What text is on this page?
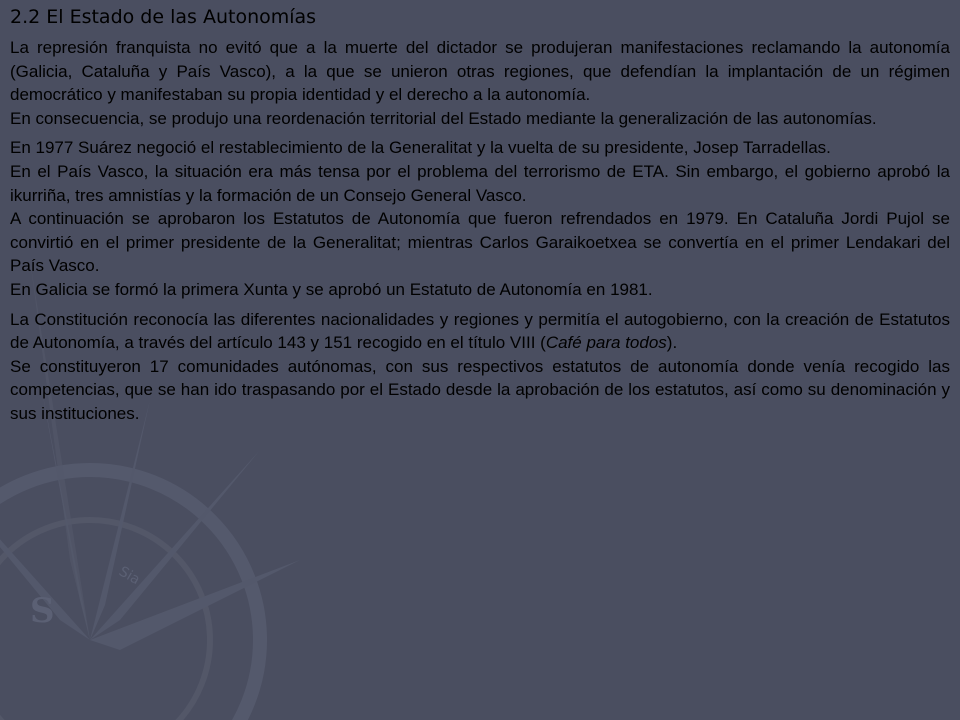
S
Sia
2.2 El Estado de las Autonomías

La represión franquista no evitó que a la muerte del dictador se produjeran manifestaciones reclamando la autonomía (Galicia, Cataluña y País Vasco), a la que se unieron otras regiones, que defendían la implantación de un régimen democrático y manifestaban su propia identidad y el derecho a la autonomía.

En consecuencia, se produjo una reordenación territorial del Estado mediante la generalización de las autonomías.

En 1977 Suárez negoció el restablecimiento de la Generalitat y la vuelta de su presidente, Josep Tarradellas.

En el País Vasco, la situación era más tensa por el problema del terrorismo de ETA. Sin embargo, el gobierno aprobó la ikurriña, tres amnistías y la formación de un Consejo General Vasco.

A continuación se aprobaron los Estatutos de Autonomía que fueron refrendados en 1979. En Cataluña Jordi Pujol se convirtió en el primer presidente de la Generalitat; mientras Carlos Garaikoetxea se convertía en el primer Lendakari del País Vasco.

En Galicia se formó la primera Xunta y se aprobó un Estatuto de Autonomía en 1981.

La Constitución reconocía las diferentes nacionalidades y regiones y permitía el autogobierno, con la creación de Estatutos de Autonomía, a través del artículo 143 y 151 recogido en el título VIII (Café para todos).

Se constituyeron 17 comunidades autónomas, con sus respectivos estatutos de autonomía donde venía recogido las competencias, que se han ido traspasando por el Estado desde la aprobación de los estatutos, así como su denominación y sus instituciones.
